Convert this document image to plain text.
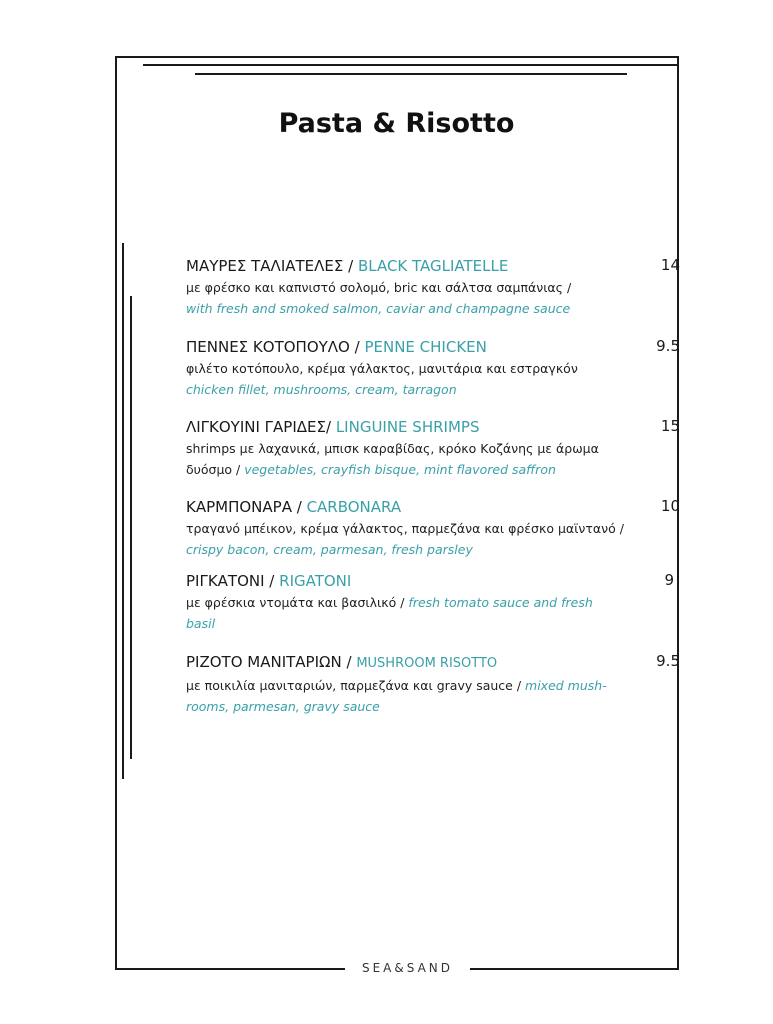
Pasta & Risotto
ΜΑΥΡΕΣ ΤΑΛΙΑΤΕΛΕΣ / BLACK TAGLIATELLE	14
με φρέσκο και καπνιστό σολομό, bric και σάλτσα σαμπάνιας /
with fresh and smoked salmon, caviar and champagne sauce
ΠΕΝΝΕΣ ΚΟΤΟΠΟΥΛΟ / PENNE CHICKEN	9.5
φιλέτο κοτόπουλο, κρέμα γάλακτος, μανιτάρια και εστραγκόν
chicken fillet, mushrooms, cream, tarragon
ΛΙΓΚΟΥΙΝΙ ΓΑΡΙΔΕΣ/ LINGUINE SHRIMPS	15
shrimps με λαχανικά, μπισκ καραβίδας, κρόκο Κοζάνης με άρωμα
δυόσμο / vegetables, crayfish bisque, mint flavored saffron
ΚΑΡΜΠΟΝΑΡΑ / CARBONARA	10
τραγανό μπέικον, κρέμα γάλακτος, παρμεζάνα και φρέσκο μαϊντανό /
crispy bacon, cream, parmesan, fresh parsley
ΡΙΓΚΑΤΟΝΙ / RIGATONI	9
με φρέσκια ντομάτα και βασιλικό / fresh tomato sauce and fresh
basil
ΡΙΖΟΤΟ ΜΑΝΙΤΑΡΙΩΝ / MUSHROOM RISOTTO	9.5
με ποικιλία μανιταριών, παρμεζάνα και gravy sauce / mixed mush-
rooms, parmesan, gravy sauce
SEA&SAND
